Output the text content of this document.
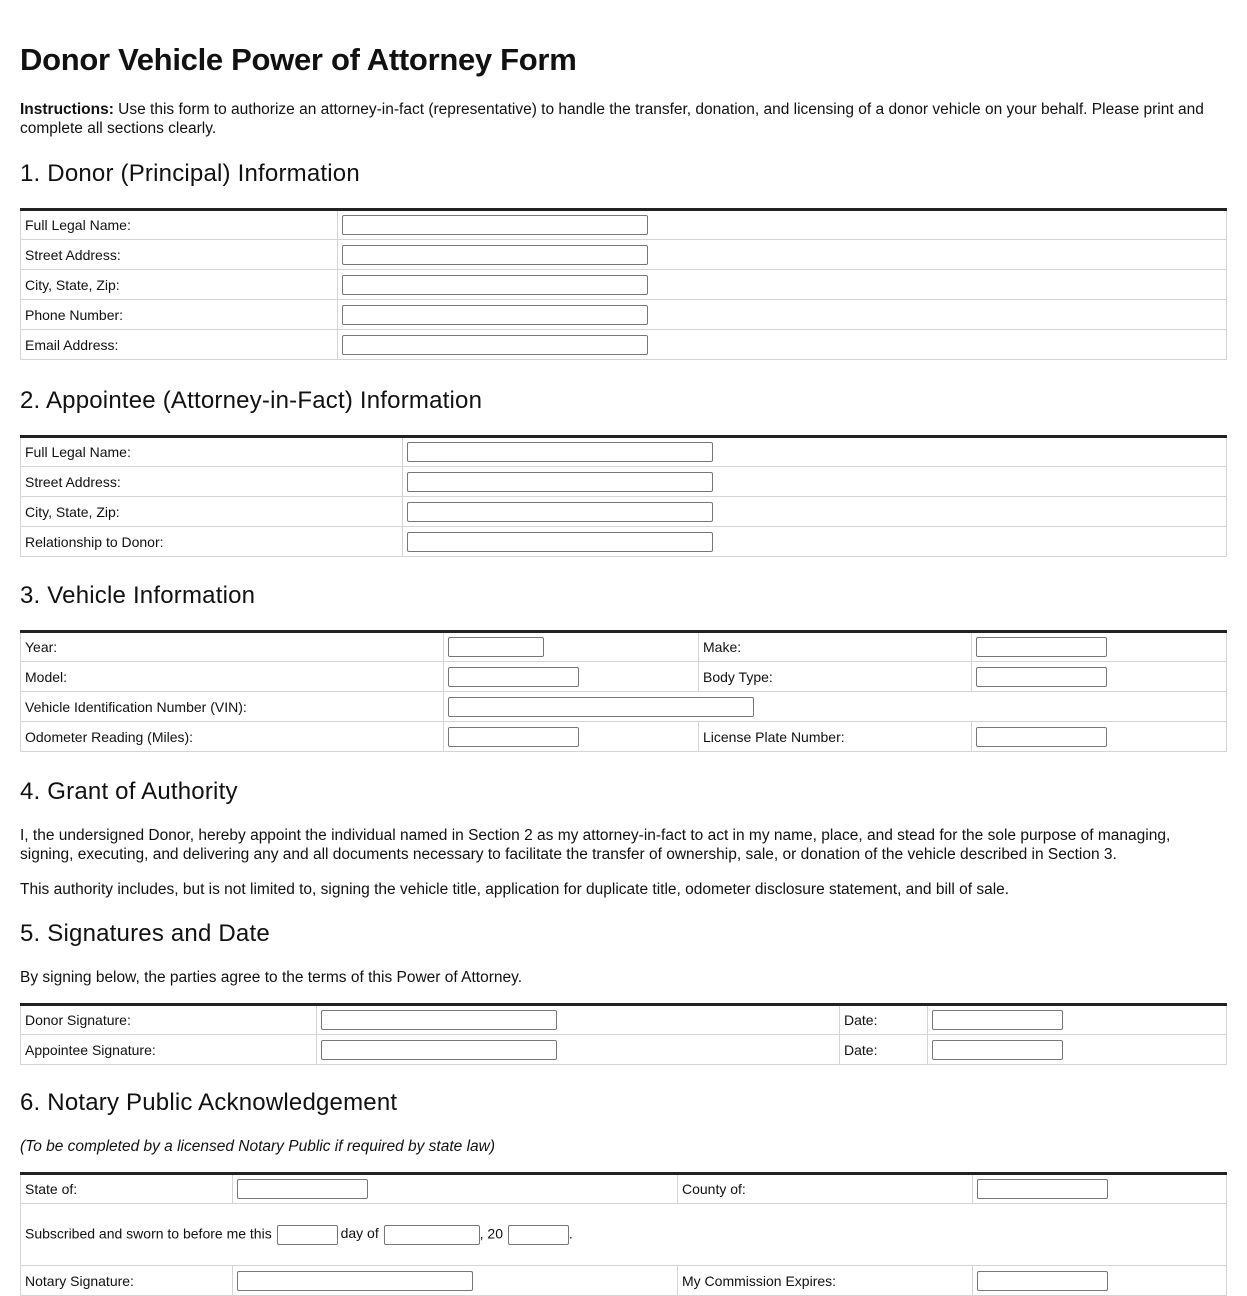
Donor Vehicle Power of Attorney Form
Instructions: Use this form to authorize an attorney-in-fact (representative) to handle the transfer, donation, and licensing of a donor vehicle on your behalf. Please print and complete all sections clearly.
1. Donor (Principal) Information
Full Legal Name:	
Street Address:	
City, State, Zip:	
Phone Number:	
Email Address:	
2. Appointee (Attorney-in-Fact) Information
Full Legal Name:	
Street Address:	
City, State, Zip:	
Relationship to Donor:	
3. Vehicle Information
Year:		Make:	
Model:		Body Type:	
Vehicle Identification Number (VIN):			
Odometer Reading (Miles):		License Plate Number:	
4. Grant of Authority
I, the undersigned Donor, hereby appoint the individual named in Section 2 as my attorney-in-fact to act in my name, place, and stead for the sole purpose of managing, signing, executing, and delivering any and all documents necessary to facilitate the transfer of ownership, sale, or donation of the vehicle described in Section 3.
This authority includes, but is not limited to, signing the vehicle title, application for duplicate title, odometer disclosure statement, and bill of sale.
5. Signatures and Date
By signing below, the parties agree to the terms of this Power of Attorney.
Donor Signature:		Date:	
Appointee Signature:		Date:	
6. Notary Public Acknowledgement
(To be completed by a licensed Notary Public if required by state law)
State of:		County of:	
Subscribed and sworn to before me this day of , 20 .			
Notary Signature:		My Commission Expires:	
